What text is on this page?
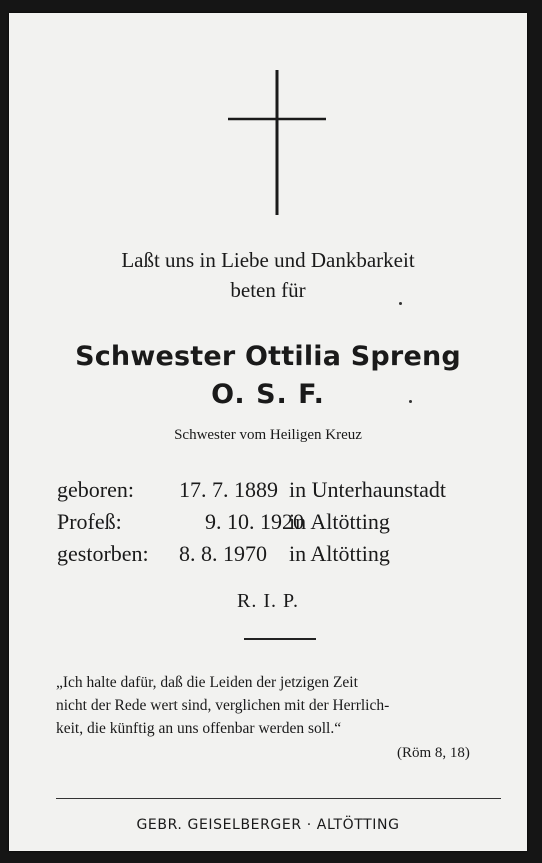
Laßt uns in Liebe und Dankbarkeit
beten für
Schwester Ottilia Spreng
O. S. F.
Schwester vom Heiligen Kreuz
geboren: 17. 7. 1889 in Unterhaunstadt
Profeß:	9. 10. 1920
in Altötting
gestorben: 8. 8. 1970 in Altötting
R. I. P.
„Ich halte dafür, daß die Leiden der jetzigen Zeit
nicht der Rede wert sind, verglichen mit der Herrlich-
keit, die künftig an uns offenbar werden soll.“
(Röm 8, 18)
GEBR. GEISELBERGER · ALTÖTTING
